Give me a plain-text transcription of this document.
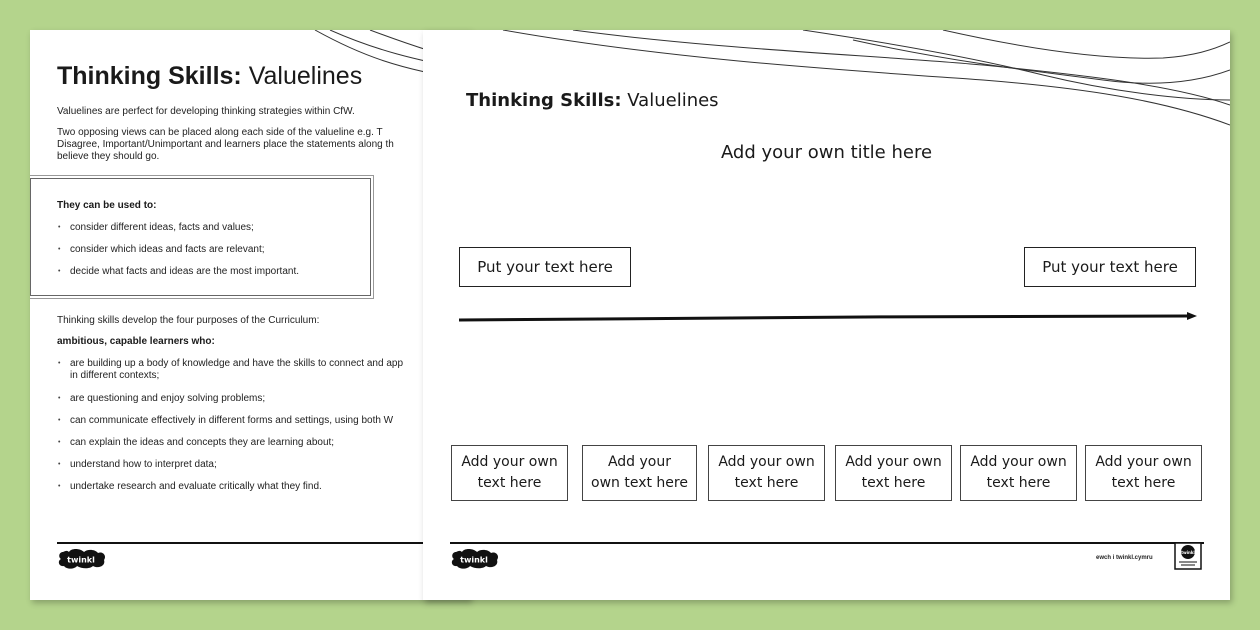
Thinking Skills: Valuelines
Valuelines are perfect for developing thinking strategies within CfW.
Two opposing views can be placed along each side of the valueline e.g. T
Disagree, Important/Unimportant and learners place the statements along th
believe they should go.
They can be used to:
• consider different ideas, facts and values;
• consider which ideas and facts are relevant;
• decide what facts and ideas are the most important.
Thinking skills develop the four purposes of the Curriculum:
ambitious, capable learners who:
• are building up a body of knowledge and have the skills to connect and app
in different contexts;
• are questioning and enjoy solving problems;
• can communicate effectively in different forms and settings, using both W
• can explain the ideas and concepts they are learning about;
• understand how to interpret data;
• undertake research and evaluate critically what they find.
twinkl
Thinking Skills: Valuelines
Add your own title here
Put your text here	Put your text here
Add your own
text here
Add your
own text here
Add your own
text here
Add your own
text here
Add your own
text here
Add your own
text here
twinkl	ewch i twinkl.cymru
twinkl
